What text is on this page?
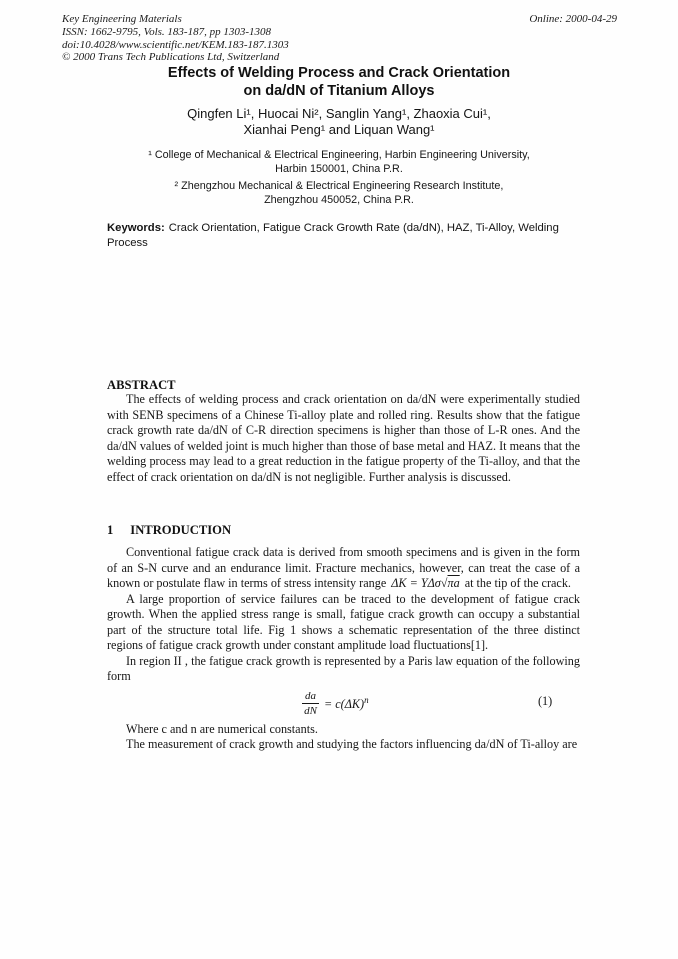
Key Engineering Materials
ISSN: 1662-9795, Vols. 183-187, pp 1303-1308
doi:10.4028/www.scientific.net/KEM.183-187.1303
© 2000 Trans Tech Publications Ltd, Switzerland
Online: 2000-04-29
Effects of Welding Process and Crack Orientation
on da/dN of Titanium Alloys
Qingfen Li¹, Huocai Ni², Sanglin Yang¹, Zhaoxia Cui¹,
Xianhai Peng¹ and Liquan Wang¹
¹ College of Mechanical & Electrical Engineering, Harbin Engineering University,
Harbin 150001, China P.R.
² Zhengzhou Mechanical & Electrical Engineering Research Institute,
Zhengzhou 450052, China P.R.
Keywords: Crack Orientation, Fatigue Crack Growth Rate (da/dN), HAZ, Ti-Alloy, Welding Process
ABSTRACT

The effects of welding process and crack orientation on da/dN were experimentally studied with SENB specimens of a Chinese Ti-alloy plate and rolled ring. Results show that the fatigue crack growth rate da/dN of C-R direction specimens is higher than those of L-R ones. And the da/dN values of welded joint is much higher than those of base metal and HAZ. It means that the welding process may lead to a great reduction in the fatigue property of the Ti-alloy, and that the effect of crack orientation on da/dN is not negligible. Further analysis is discussed.

1 INTRODUCTION

Conventional fatigue crack data is derived from smooth specimens and is given in the form of an S-N curve and an endurance limit. Fracture mechanics, however, can treat the case of a known or postulate flaw in terms of stress intensity range ΔK = YΔσ√πa at the tip of the crack.

A large proportion of service failures can be traced to the development of fatigue crack growth. When the applied stress range is small, fatigue crack growth can occupy a substantial part of the structure total life. Fig 1 shows a schematic representation of the three distinct regions of fatigue crack growth under constant amplitude load fluctuations[1].

In region II , the fatigue crack growth is represented by a Paris law equation of the following form

$\frac{da}{dN} = c(\Delta K)^n$	(1)

Where c and n are numerical constants.

The measurement of crack growth and studying the factors influencing da/dN of Ti-alloy are
